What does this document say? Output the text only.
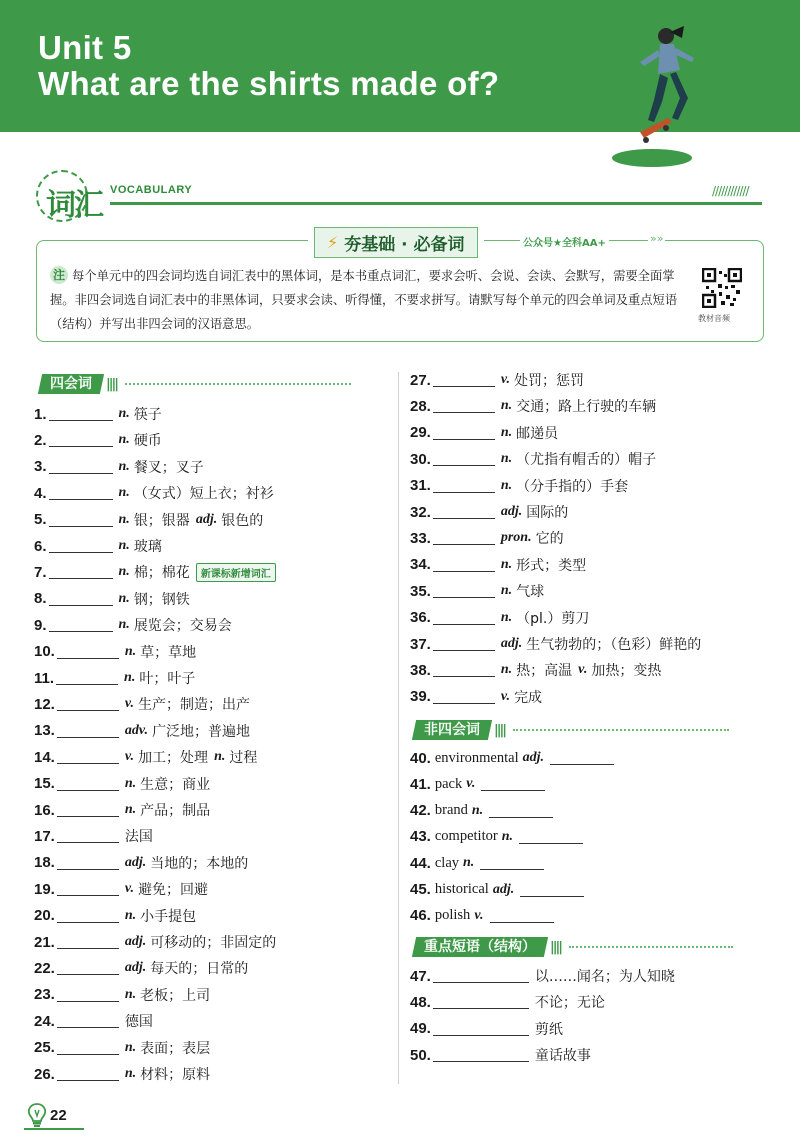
Unit 5
What are the shirts made of?
词汇 VOCABULARY	////////////
⚡ 夯基础 · 必备词	公众号★全科AA+	»»
每个单元中的四会词均选自词汇表中的黑体词，是本书重点词汇，要求会听、会说、会读、会默写，需要全面掌握。非四会词选自词汇表中的非黑体词，只要求会读、听得懂，不要求拼写。请默写每个单元的四会单词及重点短语（结构）并写出非四会词的汉语意思。
注
教材音频
四会词	||||
1.	n. 筷子
2.	n. 硬币
3.	n. 餐叉；叉子
4.	n. （女式）短上衣；衬衫
5.	n. 银；银器 adj. 银色的
6.	n. 玻璃
7.	n. 棉；棉花	新课标新增词汇
8.	n. 钢；钢铁
9.	n. 展览会；交易会
10.	n. 草；草地
11.	n. 叶；叶子
12.	v. 生产；制造；出产
13.	adv. 广泛地；普遍地
14.	v. 加工；处理 n. 过程
15.	n. 生意；商业
16.	n. 产品；制品
17.	法国
18.	adj. 当地的；本地的
19.	v. 避免；回避
20.	n. 小手提包
21.	adj. 可移动的；非固定的
22.	adj. 每天的；日常的
23.	n. 老板；上司
24.	德国
25.	n. 表面；表层
26.	n. 材料；原料
27.	v. 处罚；惩罚
28.	n. 交通；路上行驶的车辆
29.	n. 邮递员
30.	n. （尤指有帽舌的）帽子
31.	n. （分手指的）手套
32.	adj. 国际的
33.	pron. 它的
34.	n. 形式；类型
35.	n. 气球
36.	n. （pl.）剪刀
37.	adj. 生气勃勃的；（色彩）鲜艳的
38.	n. 热；高温 v. 加热；变热
39.	v. 完成
非四会词	||||
40. environmental adj.
41. pack v.
42. brand n.
43. competitor n.
44. clay n.
45. historical adj.
46. polish v.
重点短语（结构）	||||
47.	以……闻名；为人知晓
48.	不论；无论
49.	剪纸
50.	童话故事
22
